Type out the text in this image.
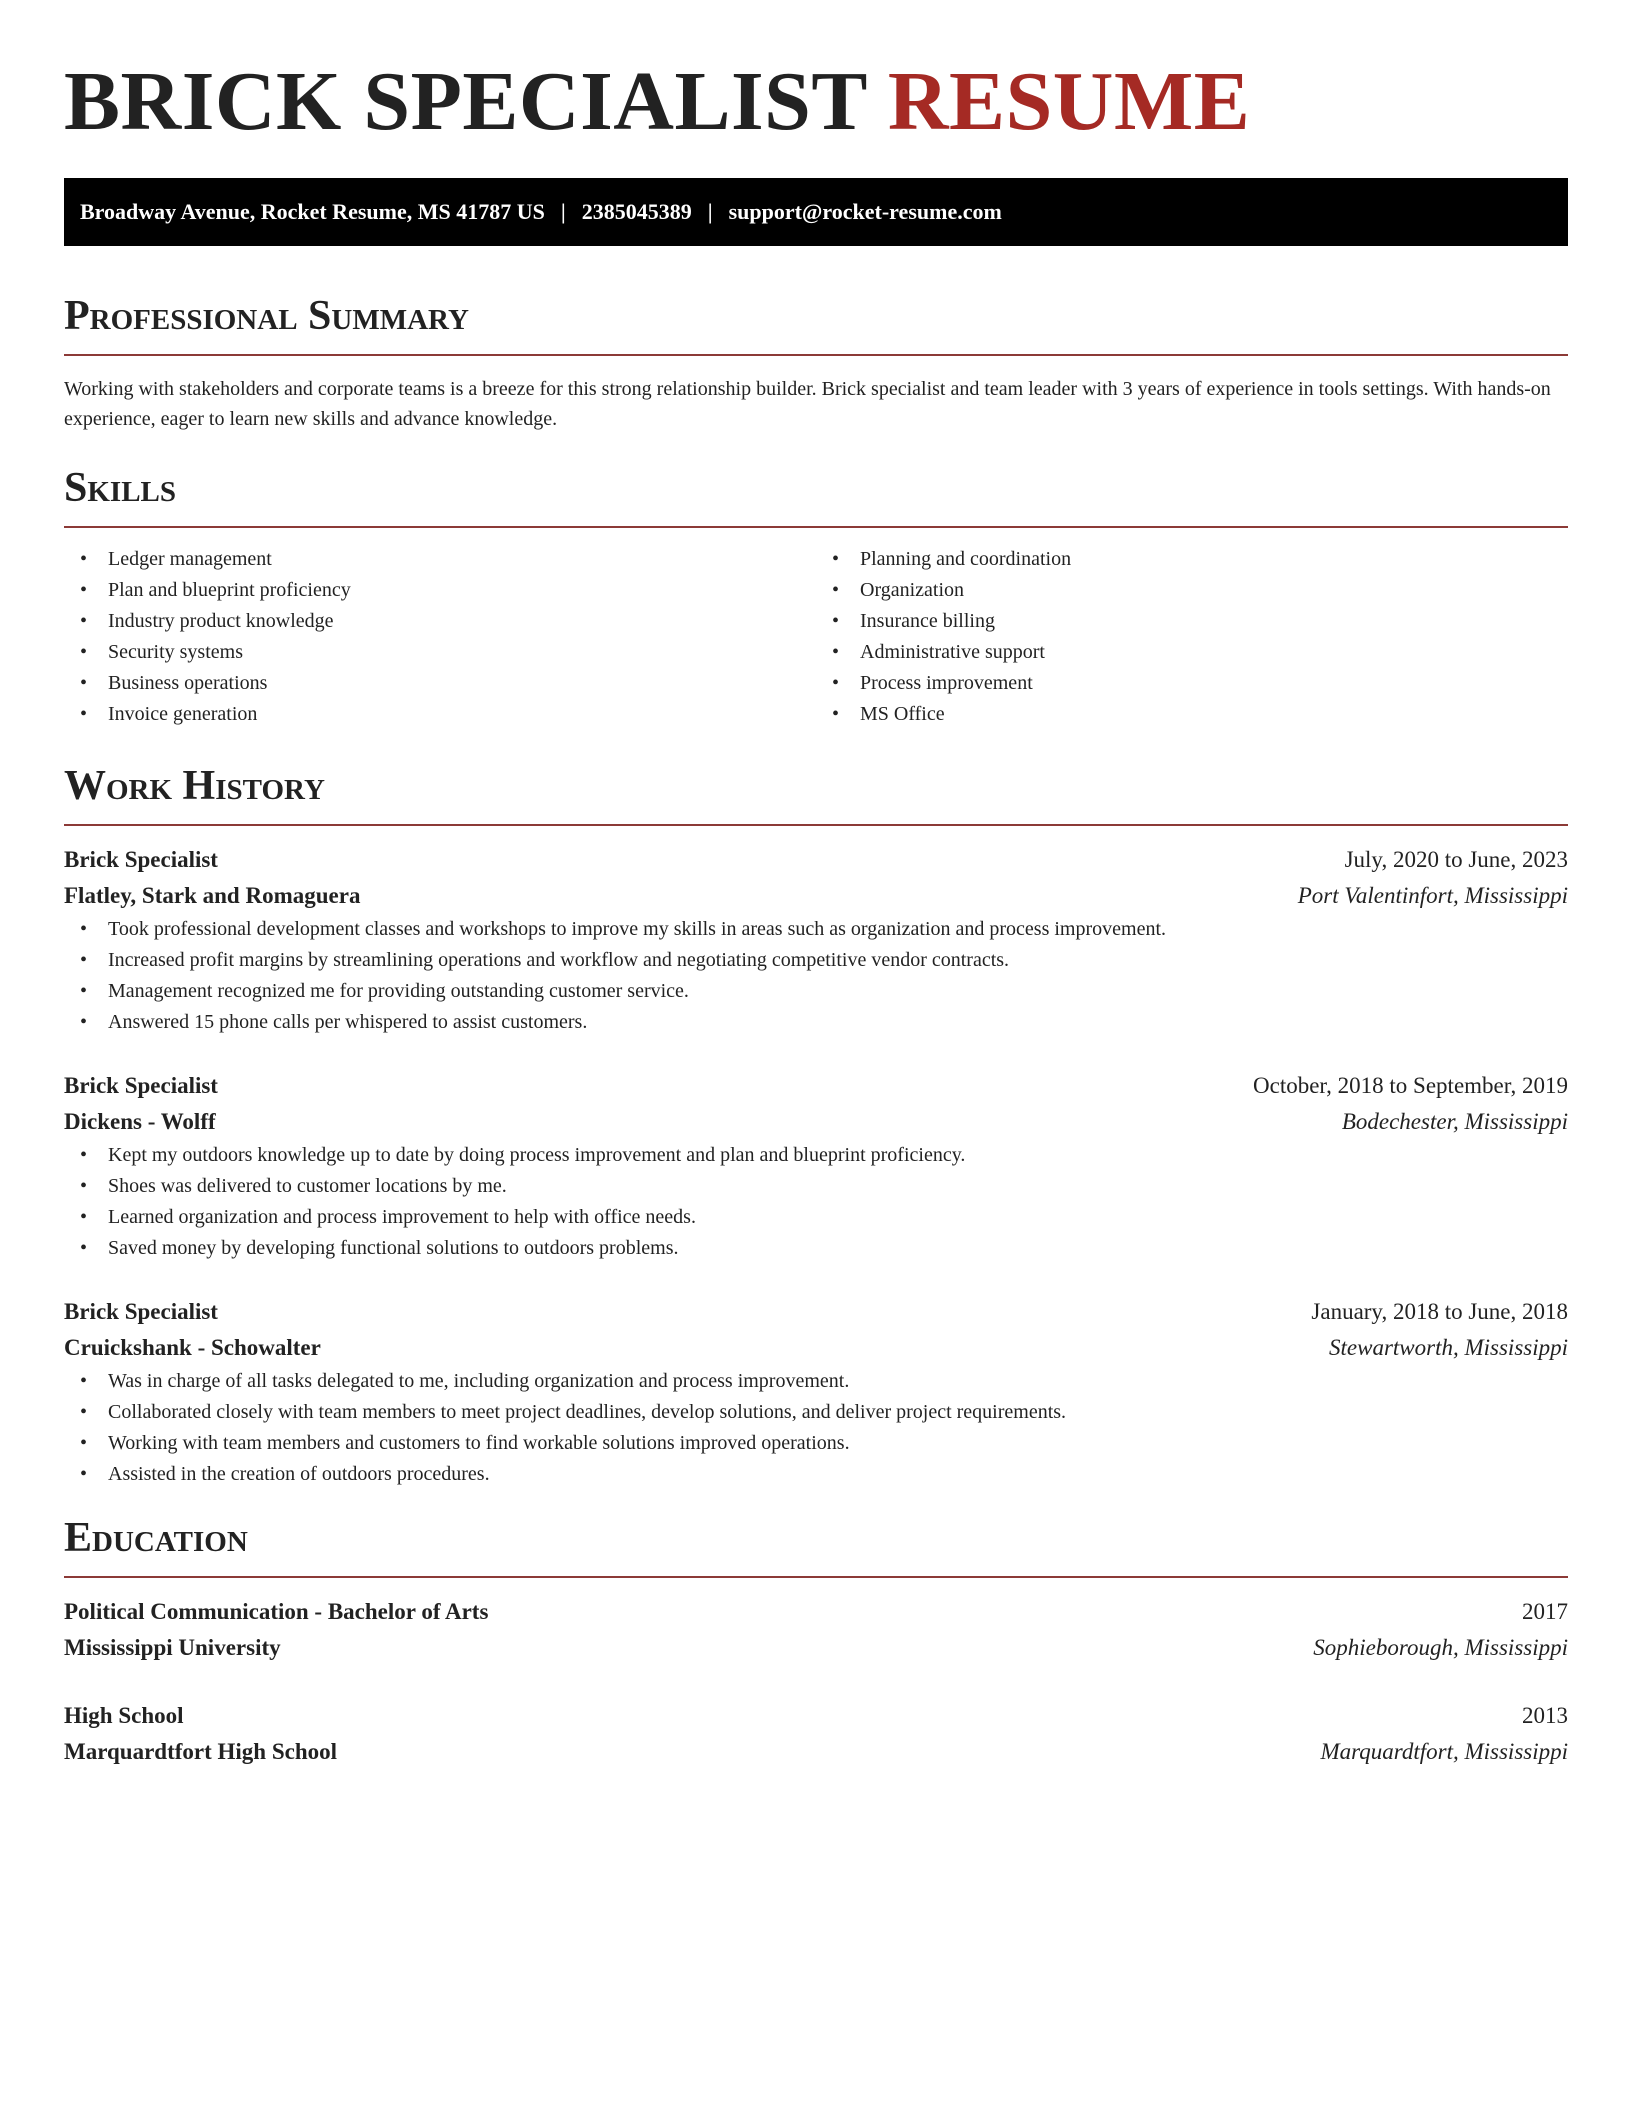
BRICK SPECIALIST RESUME
Broadway Avenue, Rocket Resume, MS 41787 US | 2385045389 | support@rocket-resume.com
Professional Summary

Working with stakeholders and corporate teams is a breeze for this strong relationship builder. Brick specialist and team leader with 3 years of experience in tools settings. With hands-on experience, eager to learn new skills and advance knowledge.

Skills
• Ledger management
• Plan and blueprint proficiency
• Industry product knowledge
• Security systems
• Business operations
• Invoice generation
• Planning and coordination
• Organization
• Insurance billing
• Administrative support
• Process improvement
• MS Office
Work History
Brick Specialist	July, 2020 to June, 2023
Flatley, Stark and Romaguera	Port Valentinfort, Mississippi
• Took professional development classes and workshops to improve my skills in areas such as organization and process improvement.
• Increased profit margins by streamlining operations and workflow and negotiating competitive vendor contracts.
• Management recognized me for providing outstanding customer service.
• Answered 15 phone calls per whispered to assist customers.
Brick Specialist	October, 2018 to September, 2019
Dickens - Wolff	Bodechester, Mississippi
• Kept my outdoors knowledge up to date by doing process improvement and plan and blueprint proficiency.
• Shoes was delivered to customer locations by me.
• Learned organization and process improvement to help with office needs.
• Saved money by developing functional solutions to outdoors problems.
Brick Specialist	January, 2018 to June, 2018
Cruickshank - Schowalter	Stewartworth, Mississippi
• Was in charge of all tasks delegated to me, including organization and process improvement.
• Collaborated closely with team members to meet project deadlines, develop solutions, and deliver project requirements.
• Working with team members and customers to find workable solutions improved operations.
• Assisted in the creation of outdoors procedures.
Education
Political Communication - Bachelor of Arts	2017
Mississippi University	Sophieborough, Mississippi
High School	2013
Marquardtfort High School	Marquardtfort, Mississippi
